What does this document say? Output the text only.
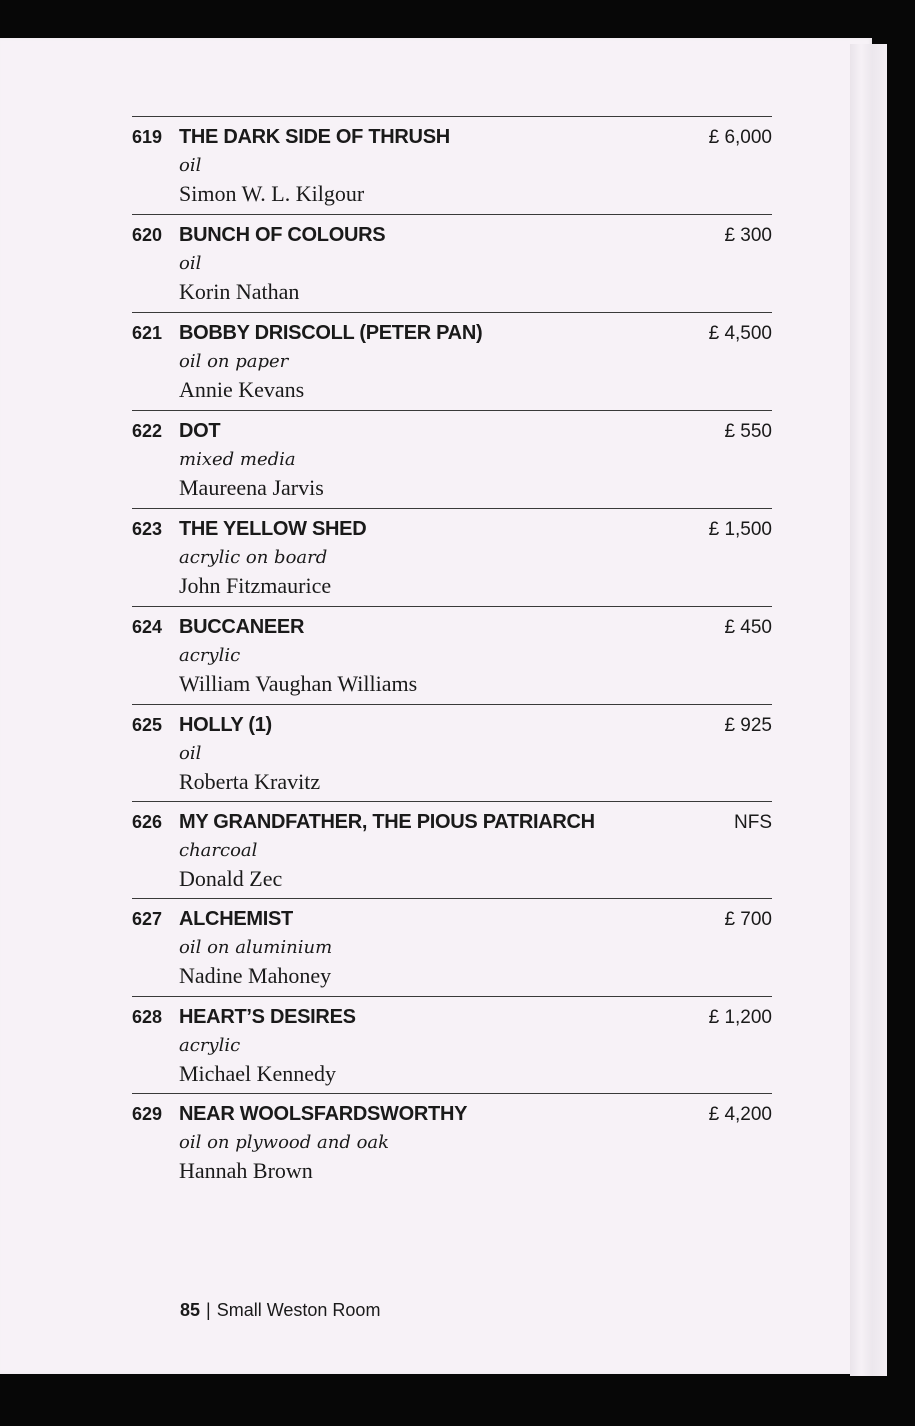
619 THE DARK SIDE OF THRUSH	£ 6,000
oil
Simon W. L. Kilgour
620 BUNCH OF COLOURS	£ 300
oil
Korin Nathan
621 BOBBY DRISCOLL (PETER PAN)	£ 4,500
oil on paper
Annie Kevans
622 DOT	£ 550
mixed media
Maureena Jarvis
623 THE YELLOW SHED	£ 1,500
acrylic on board
John Fitzmaurice
624 BUCCANEER	£ 450
acrylic
William Vaughan Williams
625 HOLLY (1)	£ 925
oil
Roberta Kravitz
626 MY GRANDFATHER, THE PIOUS PATRIARCH	NFS
charcoal
Donald Zec
627 ALCHEMIST	£ 700
oil on aluminium
Nadine Mahoney
628 HEART’S DESIRES	£ 1,200
acrylic
Michael Kennedy
629 NEAR WOOLSFARDSWORTHY	£ 4,200
oil on plywood and oak
Hannah Brown
85 | Small Weston Room
